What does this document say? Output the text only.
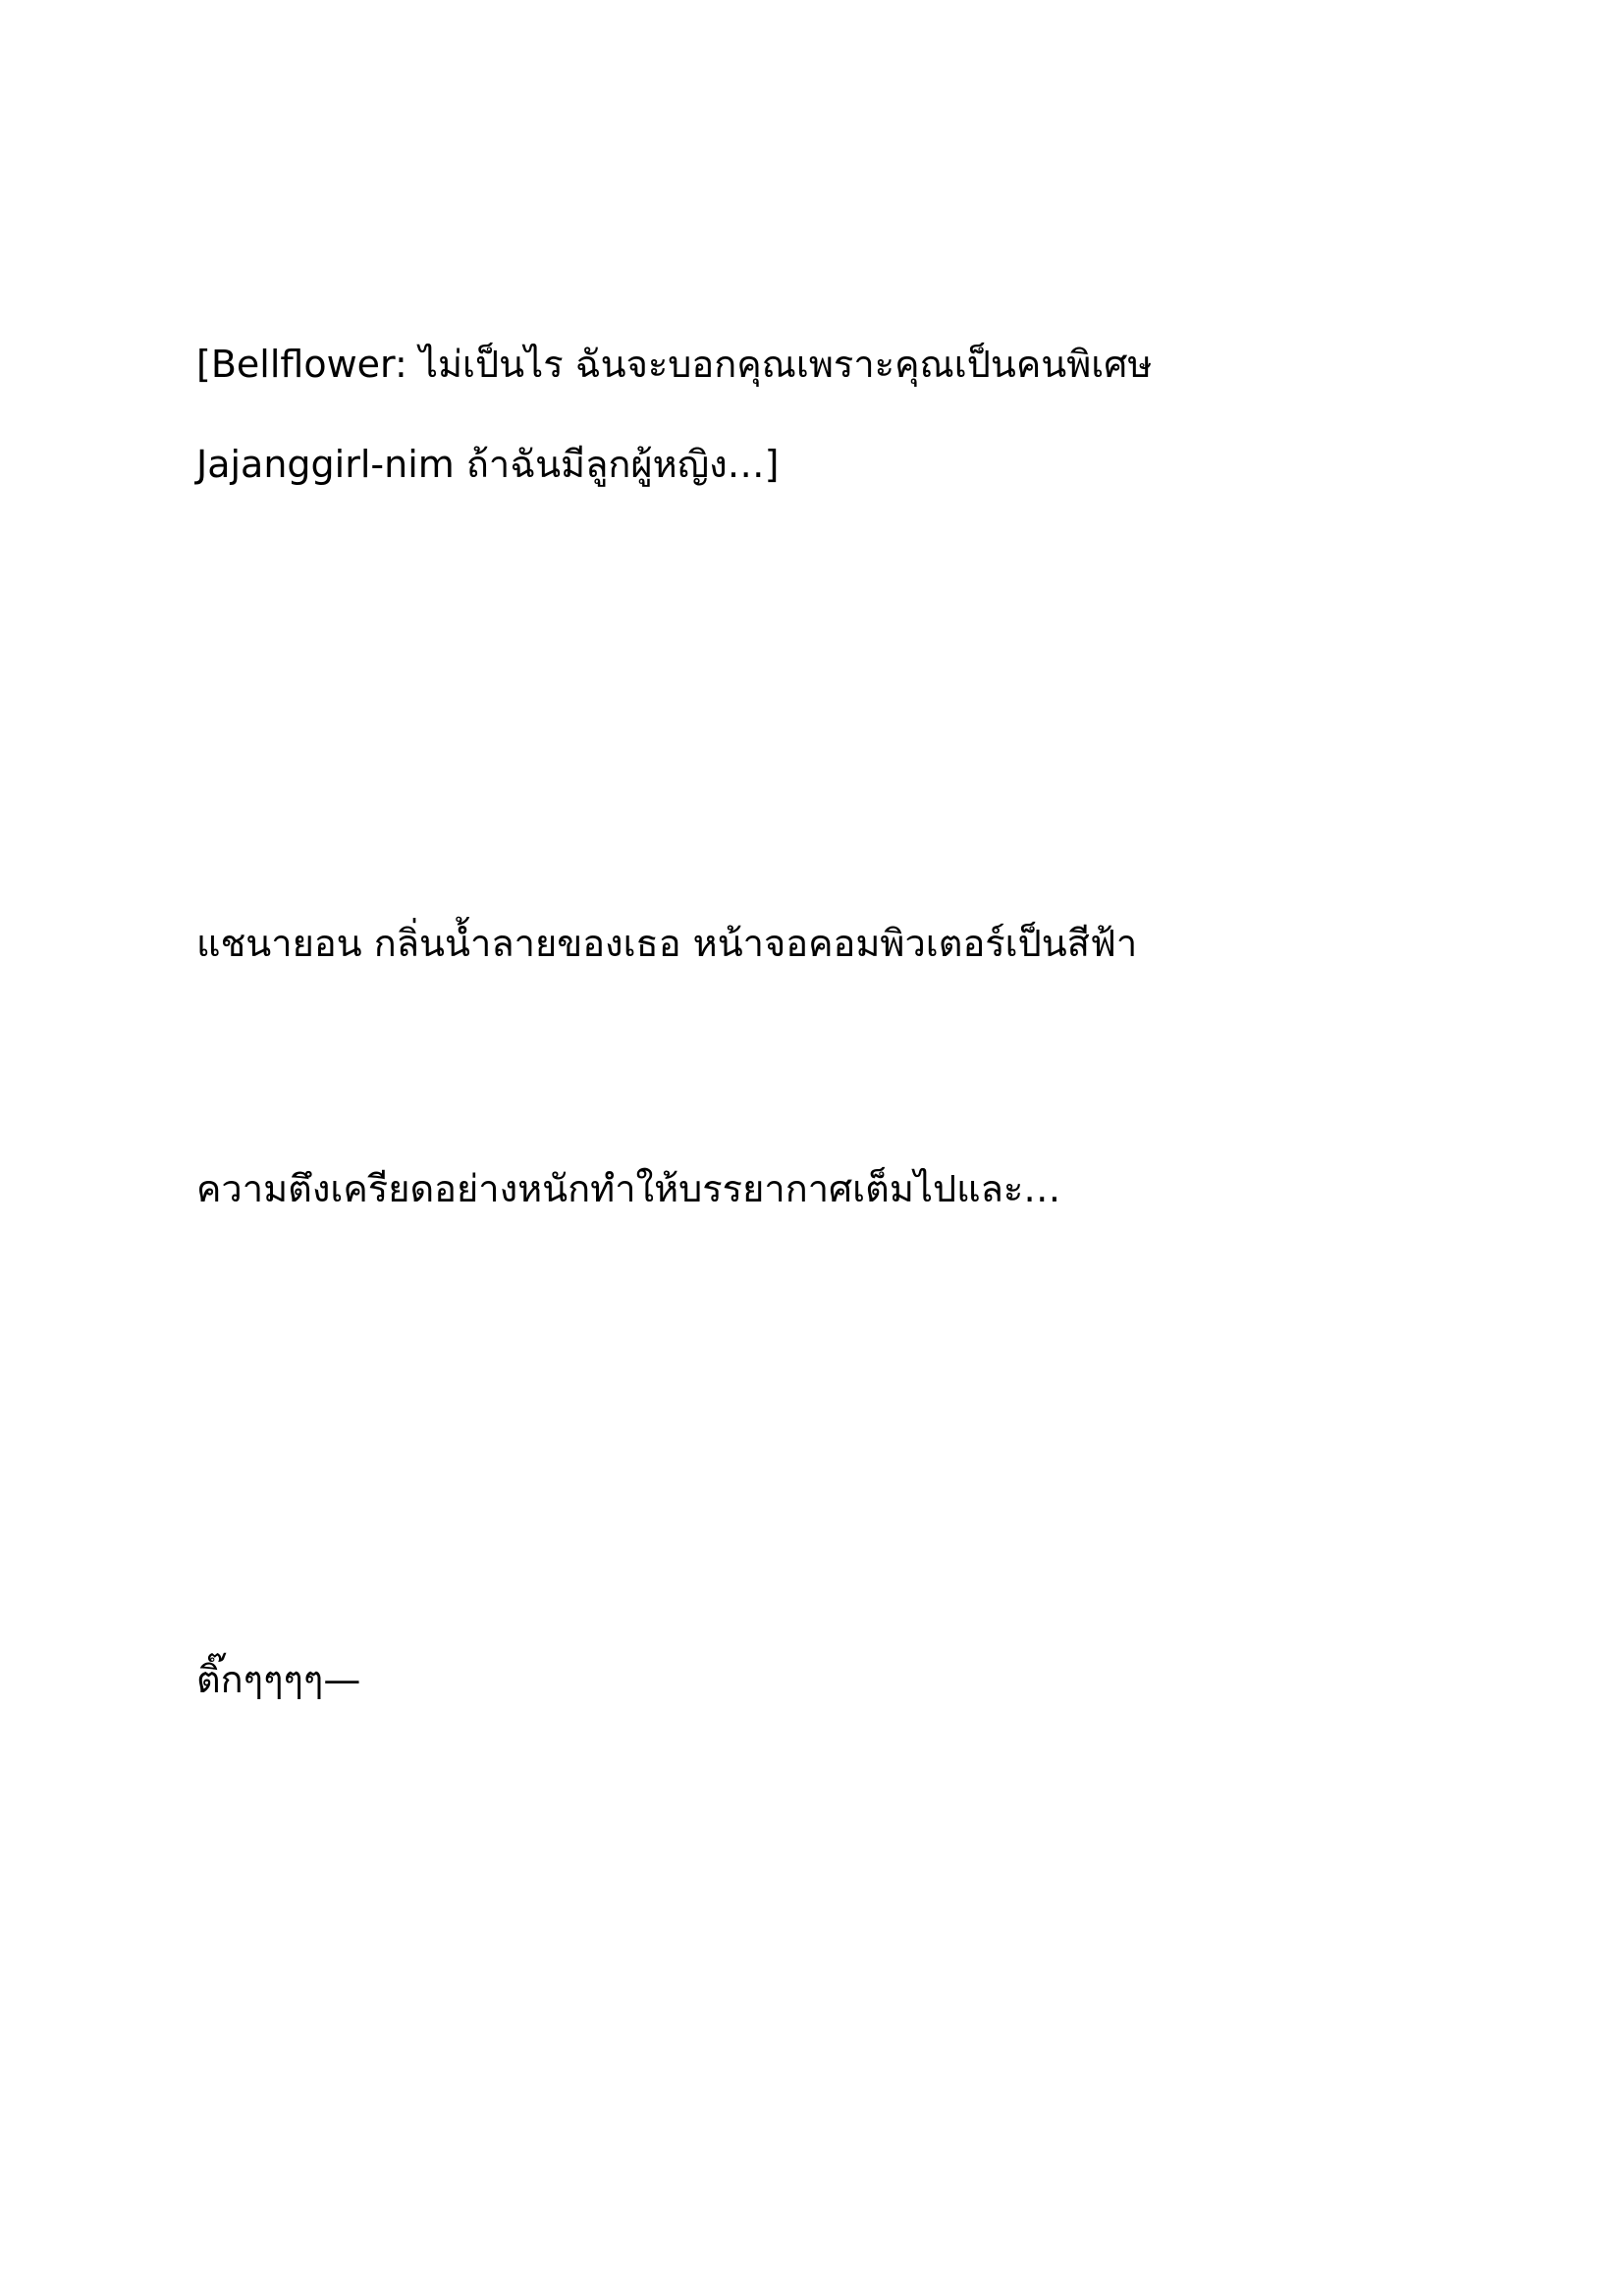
[Bellflower: ไม่เป็นไร ฉันจะบอกคุณเพราะคุณเป็นคนพิเศษ
Jajanggirl-nim ถ้าฉันมีลูกผู้หญิง…]

แชนายอน กลิ่นน้ำลายของเธอ หน้าจอคอมพิวเตอร์เป็นสีฟ้า

ความตึงเครียดอย่างหนักทำให้บรรยากาศเต็มไปและ…

ติ๊กๆๆๆๆ—
